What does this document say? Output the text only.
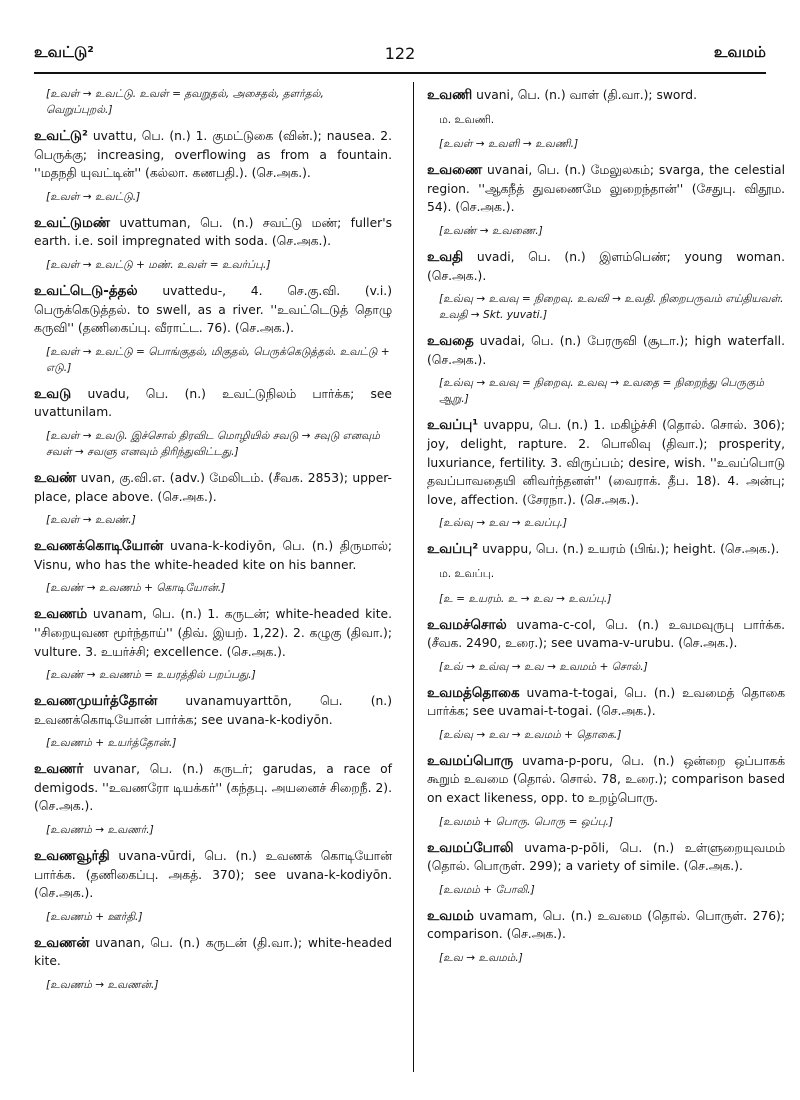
உவட்டு²	122	உவமம்
[உவள் → உவட்டு. உவள் = தவறுதல், அசைதல், தளர்தல், வெறுப்புறல்.]
உவட்டு² uvattu, பெ. (n.) 1. குமட்டுகை (வின்.); nausea. 2. பெருக்கு; increasing, overflowing as from a fountain. ''மதநதி யுவட்டின்'' (கல்லா. கணபதி.). (செ.அக.).
[உவள் → உவட்டு.]
உவட்டுமண் uvattuman, பெ. (n.) சவட்டு மண்; fuller's earth. i.e. soil impregnated with soda. (செ.அக.).
[உவள் → உவட்டு + மண். உவள் = உவர்ப்பு.]
உவட்டெடு-த்தல் uvattedu-, 4. செ.கு.வி. (v.i.) பெருக்கெடுத்தல். to swell, as a river. ''உவட்டெடுத் தொழு கருவி'' (தணிகைப்பு. வீராட்ட. 76). (செ.அக.).
[உவள் → உவட்டு = பொங்குதல், மிகுதல், பெருக்கெடுத்தல். உவட்டு + எடு.]
உவடு uvadu, பெ. (n.) உவட்டுநிலம் பார்க்க; see uvattunilam.
[உவள் → உவடு. இச்சொல் திரவிட மொழியில் சவடு → சவுடு எனவும் சவள் → சவளு எனவும் திரிந்துவிட்டது.]
உவண் uvan, கு.வி.எ. (adv.) மேலிடம். (சீவக. 2853); upper-place, place above. (செ.அக.).
[உவள் → உவண்.]
உவணக்கொடியோன் uvana-k-kodiyōn, பெ. (n.) திருமால்; Visnu, who has the white-headed kite on his banner.
[உவண் → உவணம் + கொடியோன்.]
உவணம் uvanam, பெ. (n.) 1. கருடன்; white-headed kite. ''சிறையுவண மூர்ந்தாய்'' (திவ். இயற். 1,22). 2. கழுகு (திவா.); vulture. 3. உயர்ச்சி; excellence. (செ.அக.).
[உவண் → உவணம் = உயரத்தில் பறப்பது.]
உவணமுயர்த்தோன் uvanamuyarttōn, பெ. (n.) உவணக்கொடியோன் பார்க்க; see uvana-k-kodiyōn.
[உவணம் + உயர்த்தோன்.]
உவணர் uvanar, பெ. (n.) கருடர்; garudas, a race of demigods. ''உவணரோ டியக்கர்'' (கந்தபு. அயனைச் சிறைநீ. 2). (செ.அக.).
[உவணம் → உவணர்.]
உவணவூர்தி uvana-vūrdi, பெ. (n.) உவணக் கொடியோன் பார்க்க. (தணிகைப்பு. அகத். 370); see uvana-k-kodiyōn. (செ.அக.).
[உவணம் + ஊர்தி.]
உவணன் uvanan, பெ. (n.) கருடன் (தி.வா.); white-headed kite.
[உவணம் → உவணன்.]
உவணி uvani, பெ. (n.) வாள் (தி.வா.); sword.
ம. உவணி.
[உவள் → உவளி → உவணி.]
உவணை uvanai, பெ. (n.) மேலுலகம்; svarga, the celestial region. ''ஆகநீத் துவணைமே லுறைந்தான்'' (சேதுபு. விதூம. 54). (செ.அக.).
[உவண் → உவணை.]
உவதி uvadi, பெ. (n.) இளம்பெண்; young woman. (செ.அக.).
[உவ்வு → உவவு = நிறைவு. உவவி → உவதி. நிறைபருவம் எய்தியவள். உவதி → Skt. yuvati.]
உவதை uvadai, பெ. (n.) பேரருவி (சூடா.); high waterfall. (செ.அக.).
[உவ்வு → உவவு = நிறைவு. உவவு → உவதை = நிறைந்து பெருகும் ஆறு.]
உவப்பு¹ uvappu, பெ. (n.) 1. மகிழ்ச்சி (தொல். சொல். 306); joy, delight, rapture. 2. பொலிவு (திவா.); prosperity, luxuriance, fertility. 3. விருப்பம்; desire, wish. ''உவப்பொடு தவப்பாவதையி னிவர்ந்தனள்'' (வைராக். தீப. 18). 4. அன்பு; love, affection. (சேரநா.). (செ.அக.).
[உவ்வு → உவ → உவப்பு.]
உவப்பு² uvappu, பெ. (n.) உயரம் (பிங்.); height. (செ.அக.).
ம. உவப்பு.
[உ = உயரம். உ → உவ → உவப்பு.]
உவமச்சொல் uvama-c-col, பெ. (n.) உவமவுருபு பார்க்க. (சீவக. 2490, உரை.); see uvama-v-urubu. (செ.அக.).
[உவ் → உவ்வு → உவ → உவமம் + சொல்.]
உவமத்தொகை uvama-t-togai, பெ. (n.) உவமைத் தொகை பார்க்க; see uvamai-t-togai. (செ.அக.).
[உவ்வு → உவ → உவமம் + தொகை.]
உவமப்பொரு uvama-p-poru, பெ. (n.) ஒன்றை ஒப்பாகக் கூறும் உவமை (தொல். சொல். 78, உரை.); comparison based on exact likeness, opp. to உறழ்பொரு.
[உவமம் + பொரு. பொரு = ஒப்பு.]
உவமப்போலி uvama-p-pōli, பெ. (n.) உள்ளுறையுவமம் (தொல். பொருள். 299); a variety of simile. (செ.அக.).
[உவமம் + போலி.]
உவமம் uvamam, பெ. (n.) உவமை (தொல். பொருள். 276); comparison. (செ.அக.).
[உவ → உவமம்.]
